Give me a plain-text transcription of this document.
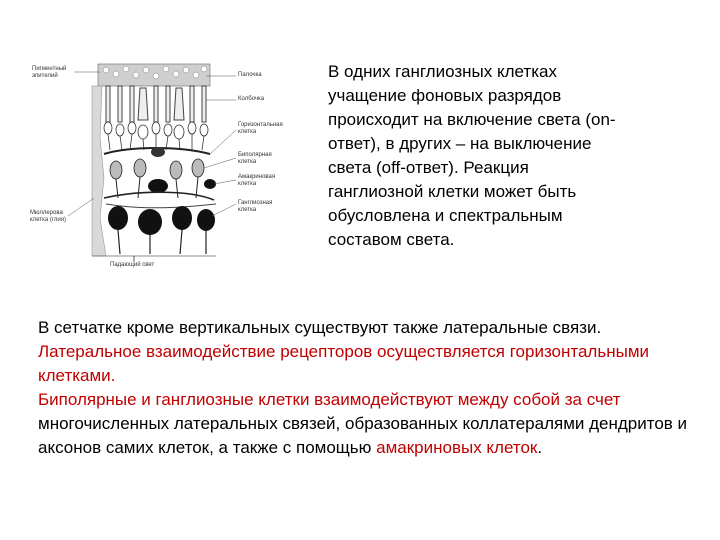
Пигментный эпителий
Мюллерова клетка (глия)
Палочка
Колбочка
Горизонтальная клетка
Биполярная клетка
Амакриновая клетка
Ганглиозная клетка
Падающий свет
В одних ганглиозных клетках
учащение фоновых разрядов
происходит на включение света (on-
ответ), в других – на выключение
света (off-ответ). Реакция
ганглиозной клетки может быть
обусловлена и спектральным
составом света.
В сетчатке кроме вертикальных существуют также латеральные связи. Латеральное взаимодействие рецепторов осуществляется горизонтальными клетками.
Биполярные и ганглиозные клетки взаимодействуют между собой за счет многочисленных латеральных связей, образованных коллатералями дендритов и аксонов самих клеток, а также с помощью амакриновых клеток.
